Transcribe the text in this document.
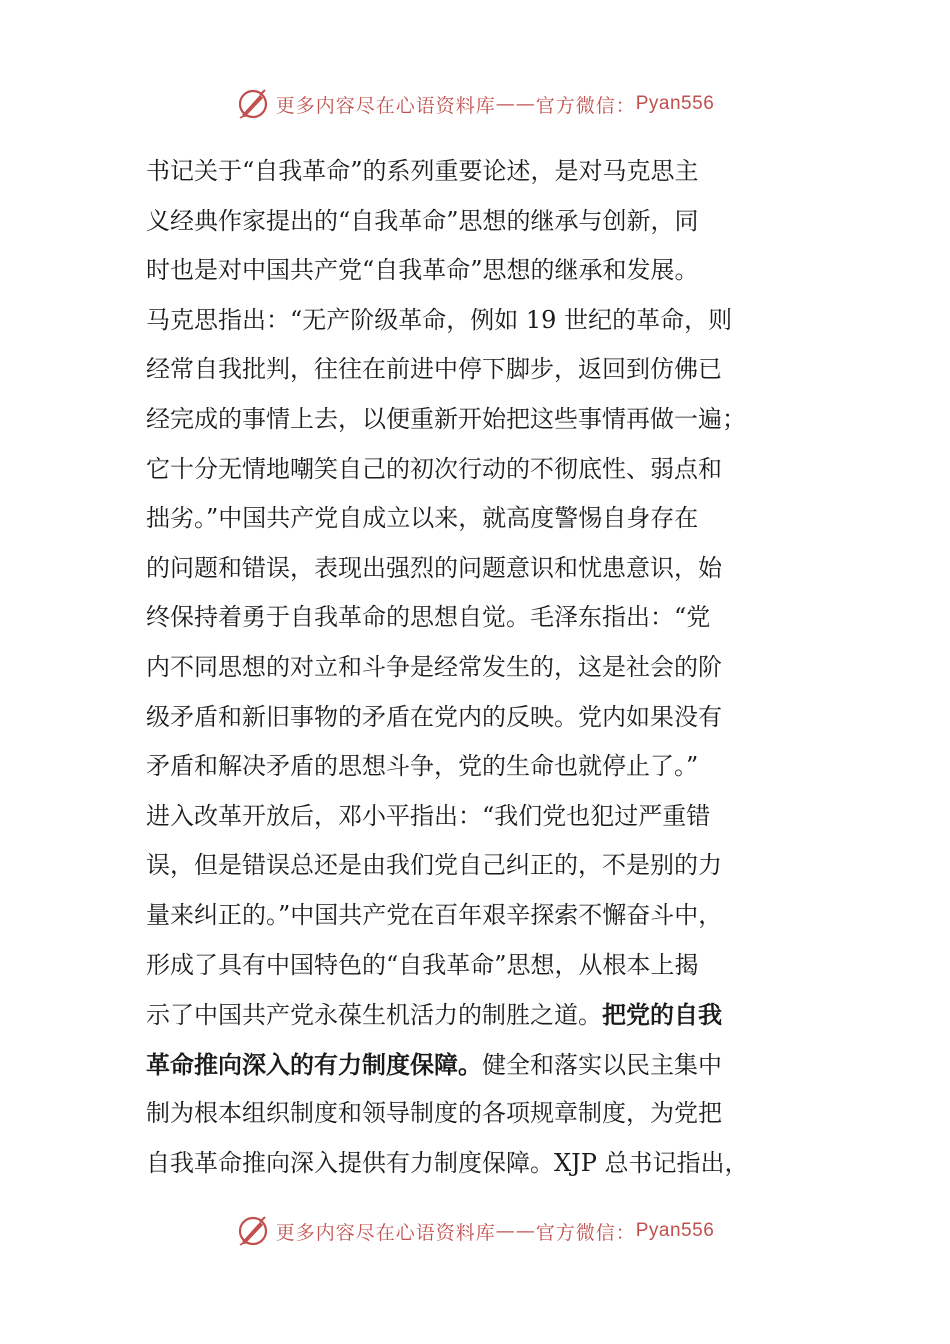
更多内容尽在心语资料库 —— 官方微信： Pyan556
书记关于“自我革命”的系列重要论述，是对马克思主
义经典作家提出的“自我革命”思想的继承与创新，同
时也是对中国共产党“自我革命”思想的继承和发展。
马克思指出：“无产阶级革命，例如 19 世纪的革命，则
经常自我批判，往往在前进中停下脚步，返回到仿佛已
经完成的事情上去，以便重新开始把这些事情再做一遍；
它十分无情地嘲笑自己的初次行动的不彻底性、弱点和
拙劣。”中国共产党自成立以来，就高度警惕自身存在
的问题和错误，表现出强烈的问题意识和忧患意识，始
终保持着勇于自我革命的思想自觉。毛泽东指出：“党
内不同思想的对立和斗争是经常发生的，这是社会的阶
级矛盾和新旧事物的矛盾在党内的反映。党内如果没有
矛盾和解决矛盾的思想斗争，党的生命也就停止了。”
进入改革开放后，邓小平指出：“我们党也犯过严重错
误，但是错误总还是由我们党自己纠正的，不是别的力
量来纠正的。”中国共产党在百年艰辛探索不懈奋斗中，
形成了具有中国特色的“自我革命”思想，从根本上揭
示了中国共产党永葆生机活力的制胜之道。把党的自我
革命推向深入的有力制度保障。健全和落实以民主集中
制为根本组织制度和领导制度的各项规章制度，为党把
自我革命推向深入提供有力制度保障。XJP 总书记指出，
更多内容尽在心语资料库 —— 官方微信： Pyan556
